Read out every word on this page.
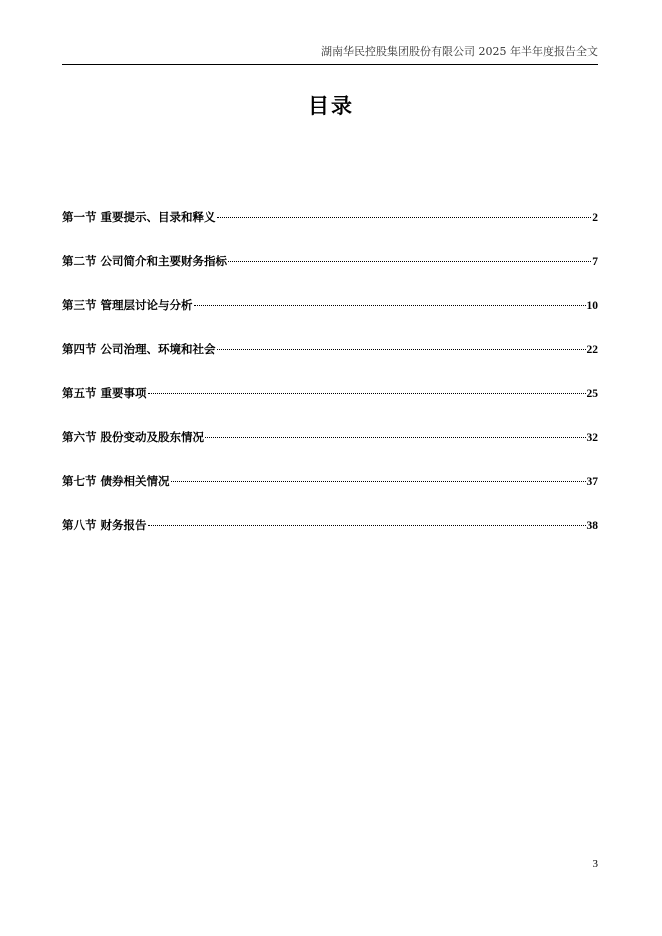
湖南华民控股集团股份有限公司 2025 年半年度报告全文
目录
第一节 重要提示、目录和释义	2
第二节 公司简介和主要财务指标	7
第三节 管理层讨论与分析	10
第四节 公司治理、环境和社会	22
第五节 重要事项	25
第六节 股份变动及股东情况	32
第七节 债券相关情况	37
第八节 财务报告	38
3
